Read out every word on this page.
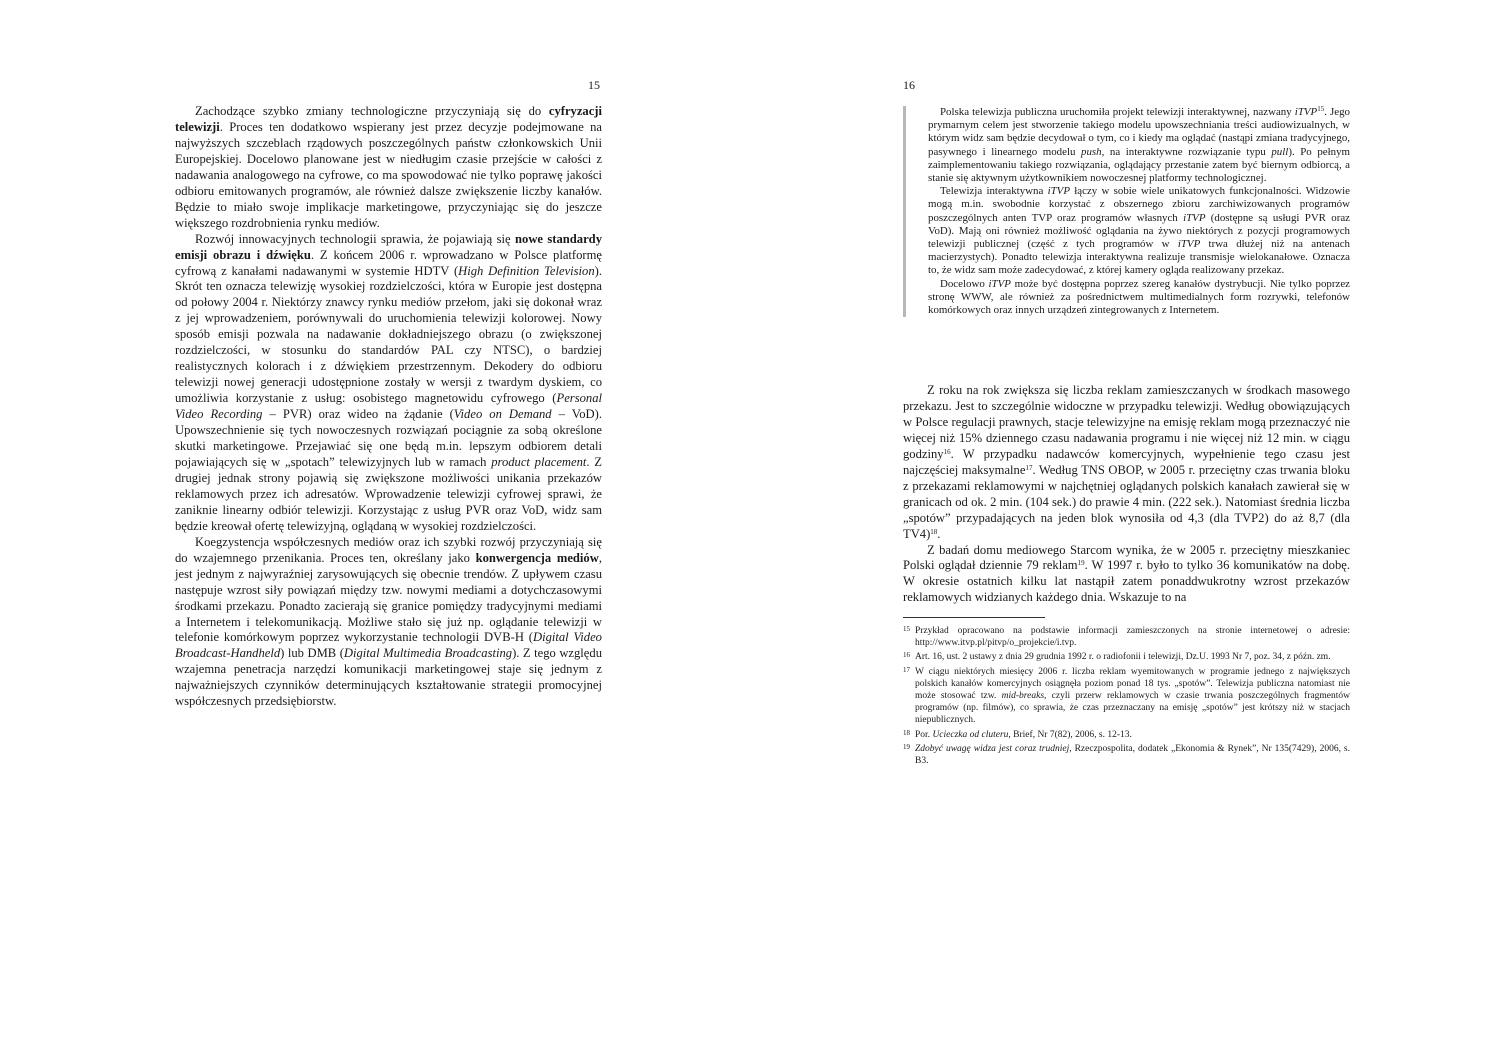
15

Zachodzące szybko zmiany technologiczne przyczyniają się do cyfryzacji telewizji. Proces ten dodatkowo wspierany jest przez decyzje podejmowane na najwyższych szczeblach rządowych poszczególnych państw członkowskich Unii Europejskiej. Docelowo planowane jest w niedługim czasie przejście w całości z nadawania analogowego na cyfrowe, co ma spowodować nie tylko poprawę jakości odbioru emitowanych programów, ale również dalsze zwiększenie liczby kanałów. Będzie to miało swoje implikacje marketingowe, przyczyniając się do jeszcze większego rozdrobnienia rynku mediów.

Rozwój innowacyjnych technologii sprawia, że pojawiają się nowe standardy emisji obrazu i dźwięku. Z końcem 2006 r. wprowadzano w Polsce platformę cyfrową z kanałami nadawanymi w systemie HDTV (High Definition Television). Skrót ten oznacza telewizję wysokiej rozdzielczości, która w Europie jest dostępna od połowy 2004 r. Niektórzy znawcy rynku mediów przełom, jaki się dokonał wraz z jej wprowadzeniem, porównywali do uruchomienia telewizji kolorowej. Nowy sposób emisji pozwala na nadawanie dokładniejszego obrazu (o zwiększonej rozdzielczości, w stosunku do standardów PAL czy NTSC), o bardziej realistycznych kolorach i z dźwiękiem przestrzennym. Dekodery do odbioru telewizji nowej generacji udostępnione zostały w wersji z twardym dyskiem, co umożliwia korzystanie z usług: osobistego magnetowidu cyfrowego (Personal Video Recording – PVR) oraz wideo na żądanie (Video on Demand – VoD). Upowszechnienie się tych nowoczesnych rozwiązań pociągnie za sobą określone skutki marketingowe. Przejawiać się one będą m.in. lepszym odbiorem detali pojawiających się w „spotach” telewizyjnych lub w ramach product placement. Z drugiej jednak strony pojawią się zwiększone możliwości unikania przekazów reklamowych przez ich adresatów. Wprowadzenie telewizji cyfrowej sprawi, że zaniknie linearny odbiór telewizji. Korzystając z usług PVR oraz VoD, widz sam będzie kreował ofertę telewizyjną, oglądaną w wysokiej rozdzielczości.

Koegzystencja współczesnych mediów oraz ich szybki rozwój przyczyniają się do wzajemnego przenikania. Proces ten, określany jako konwergencja mediów, jest jednym z najwyraźniej zarysowujących się obecnie trendów. Z upływem czasu następuje wzrost siły powiązań między tzw. nowymi mediami a dotychczasowymi środkami przekazu. Ponadto zacierają się granice pomiędzy tradycyjnymi mediami a Internetem i telekomunikacją. Możliwe stało się już np. oglądanie telewizji w telefonie komórkowym poprzez wykorzystanie technologii DVB-H (Digital Video Broadcast-Handheld) lub DMB (Digital Multimedia Broadcasting). Z tego względu wzajemna penetracja narzędzi komunikacji marketingowej staje się jednym z najważniejszych czynników determinujących kształtowanie strategii promocyjnej współczesnych przedsiębiorstw.

16

Polska telewizja publiczna uruchomiła projekt telewizji interaktywnej, nazwany iTVP$^{15}$. Jego prymarnym celem jest stworzenie takiego modelu upowszechniania treści audiowizualnych, w którym widz sam będzie decydował o tym, co i kiedy ma oglądać (nastąpi zmiana tradycyjnego, pasywnego i linearnego modelu push, na interaktywne rozwiązanie typu pull). Po pełnym zaimplementowaniu takiego rozwiązania, oglądający przestanie zatem być biernym odbiorcą, a stanie się aktywnym użytkownikiem nowoczesnej platformy technologicznej.

Telewizja interaktywna iTVP łączy w sobie wiele unikatowych funkcjonalności. Widzowie mogą m.in. swobodnie korzystać z obszernego zbioru zarchiwizowanych programów poszczególnych anten TVP oraz programów własnych iTVP (dostępne są usługi PVR oraz VoD). Mają oni również możliwość oglądania na żywo niektórych z pozycji programowych telewizji publicznej (część z tych programów w iTVP trwa dłużej niż na antenach macierzystych). Ponadto telewizja interaktywna realizuje transmisje wielokanałowe. Oznacza to, że widz sam może zadecydować, z której kamery ogląda realizowany przekaz.

Docelowo iTVP może być dostępna poprzez szereg kanałów dystrybucji. Nie tylko poprzez stronę WWW, ale również za pośrednictwem multimedialnych form rozrywki, telefonów komórkowych oraz innych urządzeń zintegrowanych z Internetem.

Z roku na rok zwiększa się liczba reklam zamieszczanych w środkach masowego przekazu. Jest to szczególnie widoczne w przypadku telewizji. Według obowiązujących w Polsce regulacji prawnych, stacje telewizyjne na emisję reklam mogą przeznaczyć nie więcej niż 15% dziennego czasu nadawania programu i nie więcej niż 12 min. w ciągu godziny$^{16}$. W przypadku nadawców komercyjnych, wypełnienie tego czasu jest najczęściej maksymalne$^{17}$. Według TNS OBOP, w 2005 r. przeciętny czas trwania bloku z przekazami reklamowymi w najchętniej oglądanych polskich kanałach zawierał się w granicach od ok. 2 min. (104 sek.) do prawie 4 min. (222 sek.). Natomiast średnia liczba „spotów” przypadających na jeden blok wynosiła od 4,3 (dla TVP2) do aż 8,7 (dla TV4)$^{18}$.

Z badań domu mediowego Starcom wynika, że w 2005 r. przeciętny mieszkaniec Polski oglądał dziennie 79 reklam$^{19}$. W 1997 r. było to tylko 36 komunikatów na dobę. W okresie ostatnich kilku lat nastąpił zatem ponaddwukrotny wzrost przekazów reklamowych widzianych każdego dnia. Wskazuje to na

15 Przykład opracowano na podstawie informacji zamieszczonych na stronie internetowej o adresie: http://www.itvp.pl/pitvp/o_projekcie/i.tvp.
16 Art. 16, ust. 2 ustawy z dnia 29 grudnia 1992 r. o radiofonii i telewizji, Dz.U. 1993 Nr 7, poz. 34, z późn. zm.
17 W ciągu niektórych miesięcy 2006 r. liczba reklam wyemitowanych w programie jednego z największych polskich kanałów komercyjnych osiągnęła poziom ponad 18 tys. „spotów”. Telewizja publiczna natomiast nie może stosować tzw. mid-breaks, czyli przerw reklamowych w czasie trwania poszczególnych fragmentów programów (np. filmów), co sprawia, że czas przeznaczany na emisję „spotów” jest krótszy niż w stacjach niepublicznych.
18 Por. Ucieczka od cluteru, Brief, Nr 7(82), 2006, s. 12-13.
19 Zdobyć uwagę widza jest coraz trudniej, Rzeczpospolita, dodatek „Ekonomia & Rynek”, Nr 135(7429), 2006, s. B3.
